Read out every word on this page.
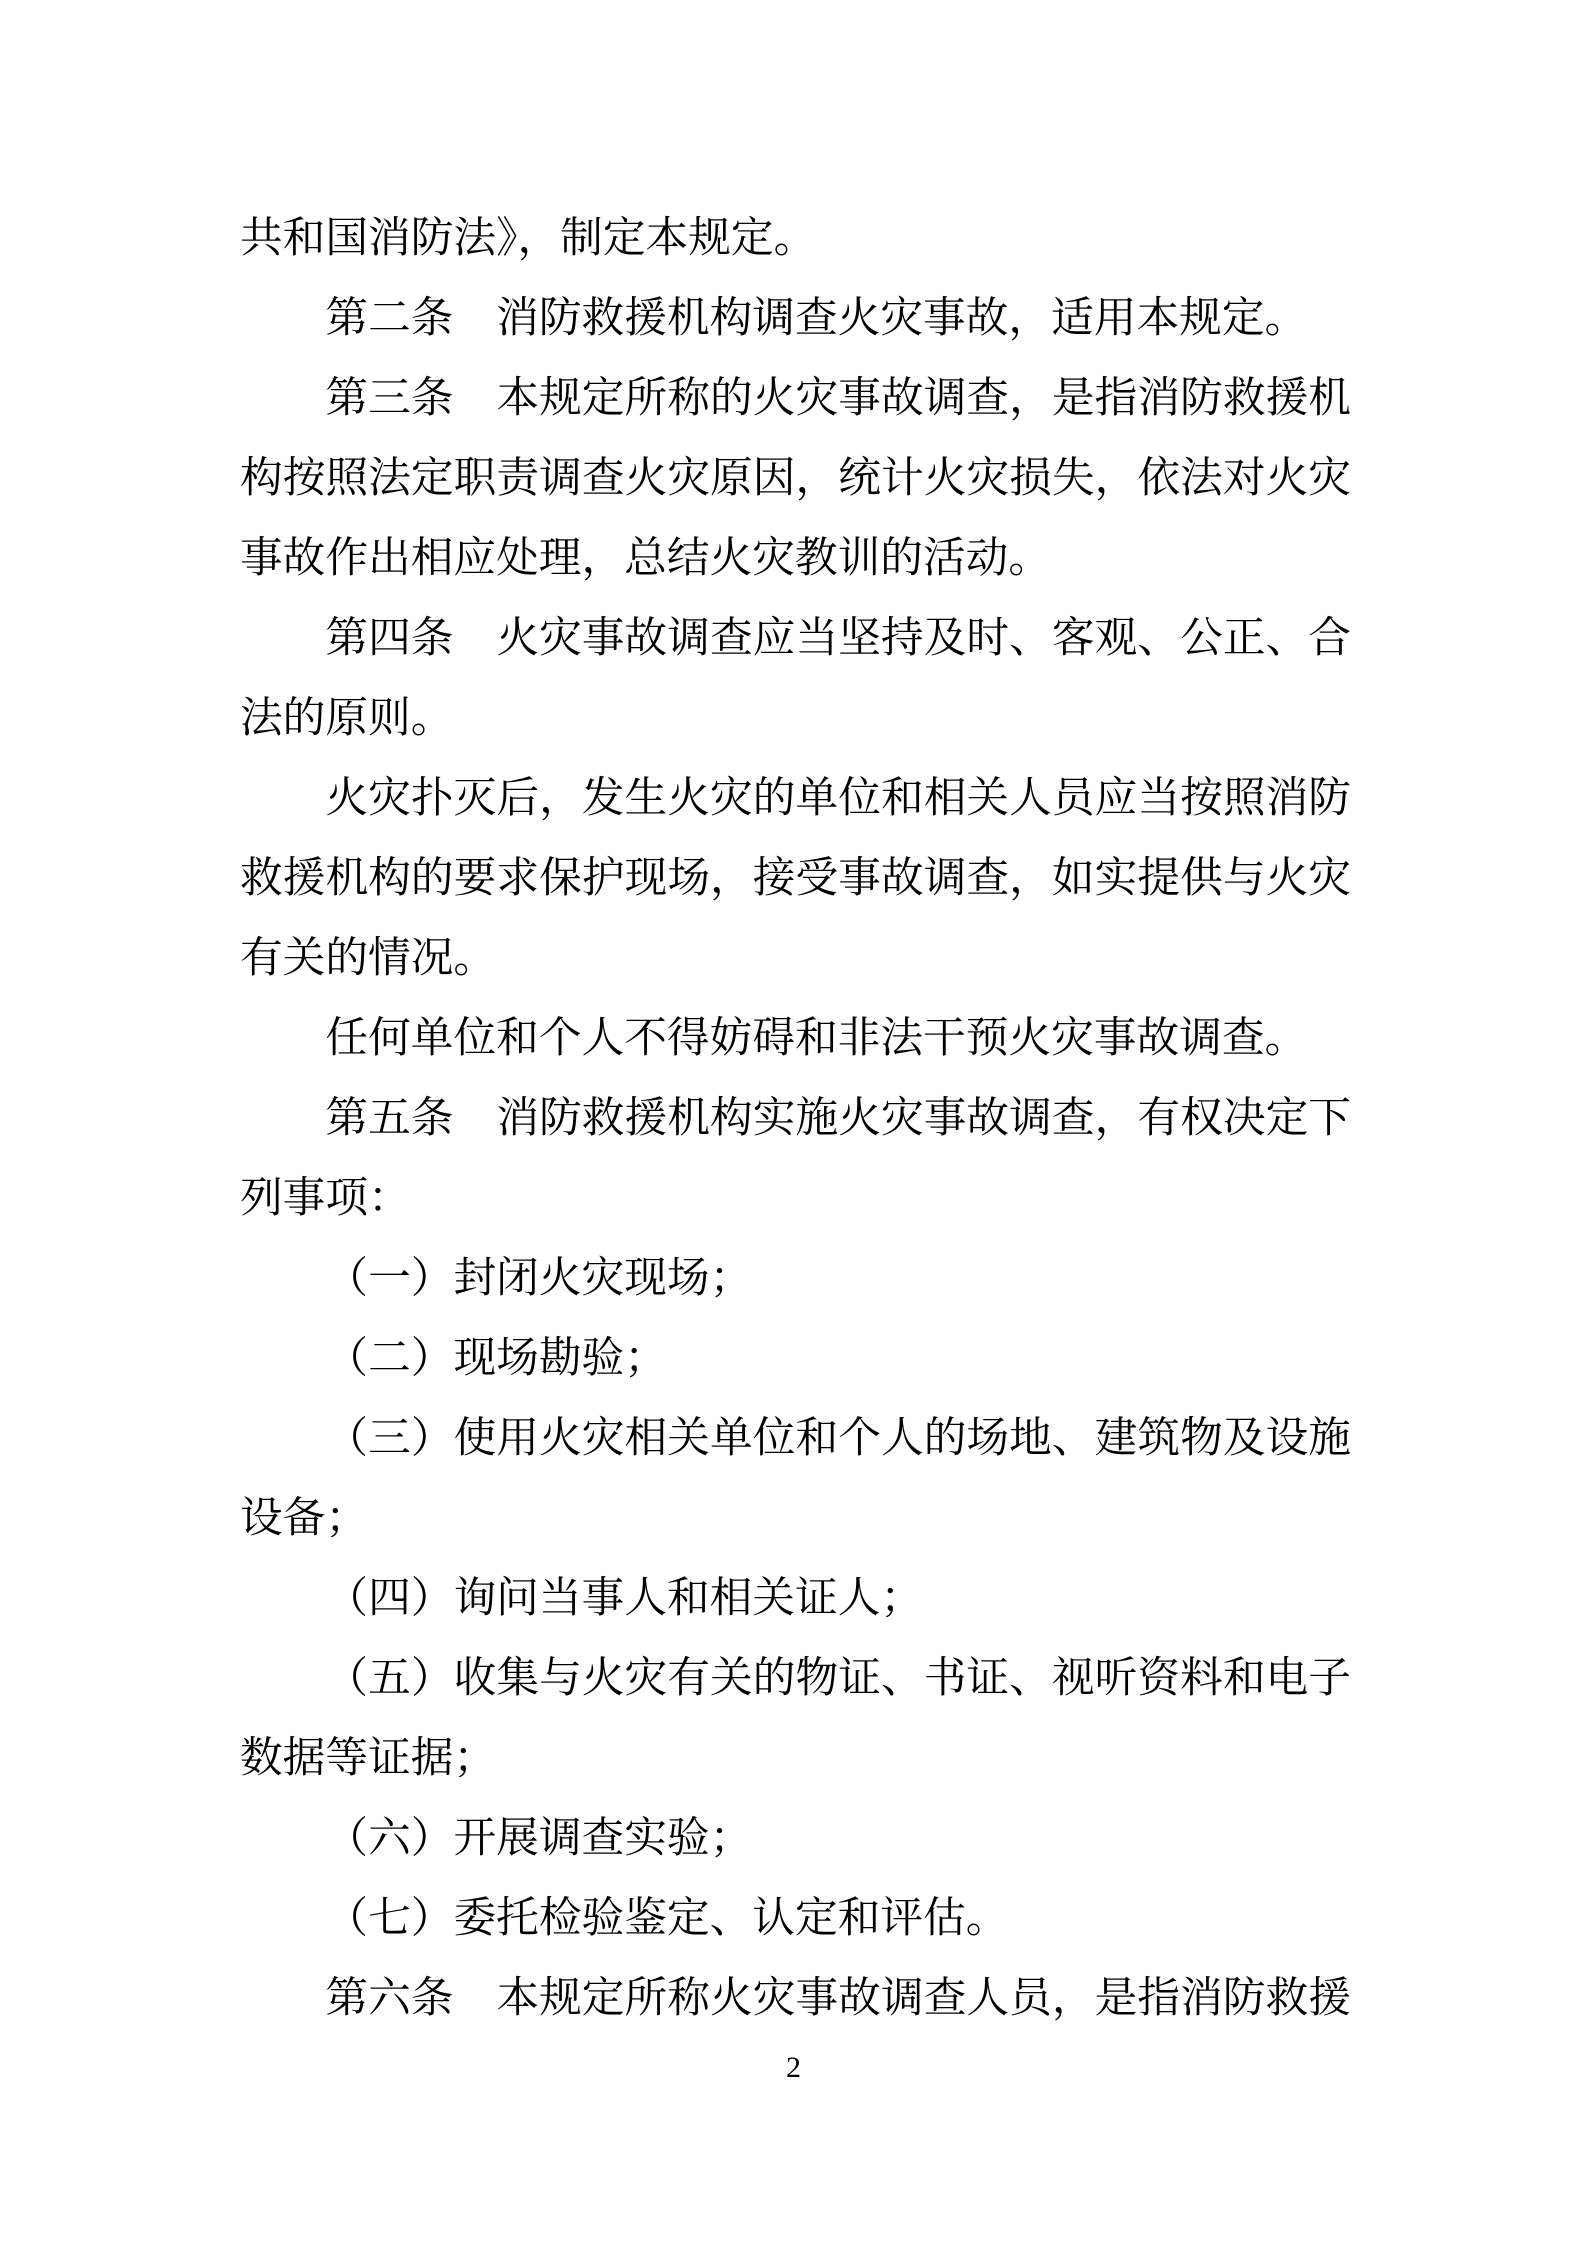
共和国消防法》，制定本规定。
第二条　消防救援机构调查火灾事故，适用本规定。
第三条　本规定所称的火灾事故调查，是指消防救援机
构按照法定职责调查火灾原因，统计火灾损失，依法对火灾
事故作出相应处理，总结火灾教训的活动。
第四条　火灾事故调查应当坚持及时、客观、公正、合
法的原则。
火灾扑灭后，发生火灾的单位和相关人员应当按照消防
救援机构的要求保护现场，接受事故调查，如实提供与火灾
有关的情况。
任何单位和个人不得妨碍和非法干预火灾事故调查。
第五条　消防救援机构实施火灾事故调查，有权决定下
列事项：
（一）封闭火灾现场；
（二）现场勘验；
（三）使用火灾相关单位和个人的场地、建筑物及设施
设备；
（四）询问当事人和相关证人；
（五）收集与火灾有关的物证、书证、视听资料和电子
数据等证据；
（六）开展调查实验；
（七）委托检验鉴定、认定和评估。
第六条　本规定所称火灾事故调查人员，是指消防救援
2
